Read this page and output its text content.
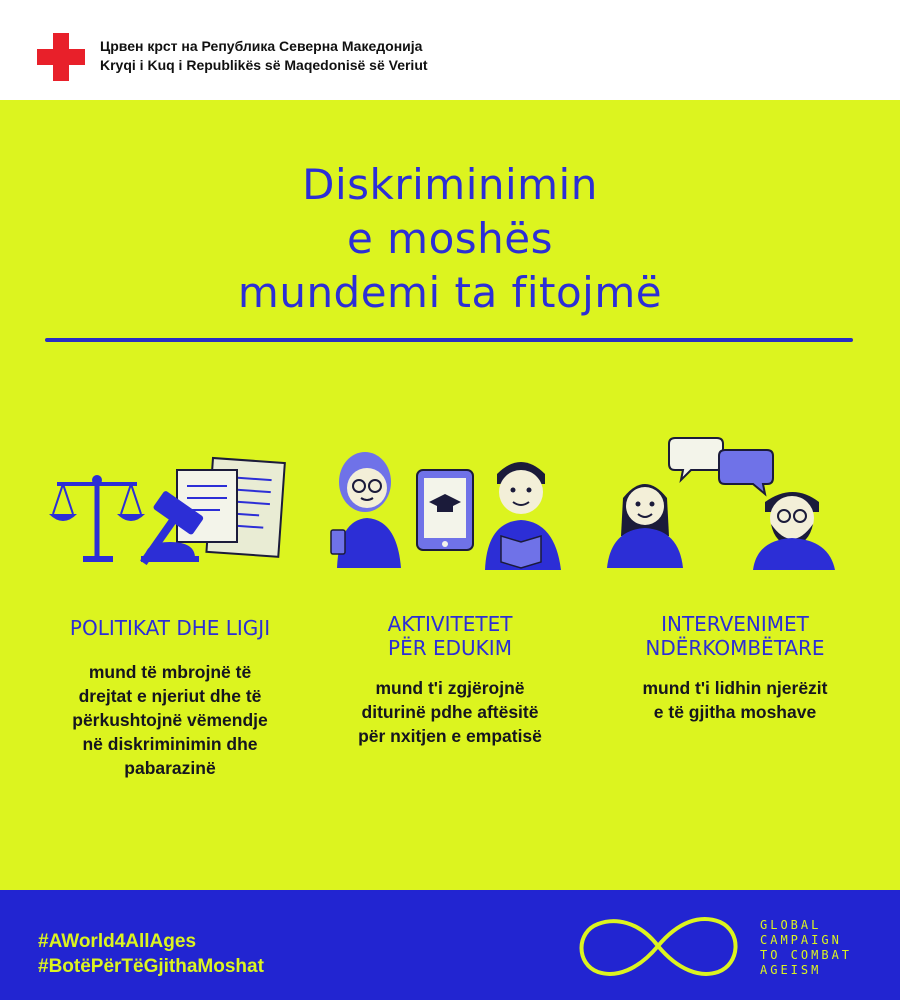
Црвен крст на Република Северна Македонија
Kryqi i Kuq i Republikës së Maqedonisë së Veriut
Diskriminimin
e moshës
mundemi ta fitojmë
POLITIKAT DHE LIGJI
mund të mbrojnë të
drejtat e njeriut dhe të
përkushtojnë vëmendje
në diskriminimin dhe
pabarazinë
AKTIVITETET
PËR EDUKIM
mund t'i zgjërojnë
diturinë pdhe aftësitë
për nxitjen e empatisë
INTERVENIMET
NDËRKOMBËTARE
mund t'i lidhin njerëzit
e të gjitha moshave
#AWorld4AllAges
#BotëPërTëGjithaMoshat
GLOBAL
CAMPAIGN
TO COMBAT
AGEISM
